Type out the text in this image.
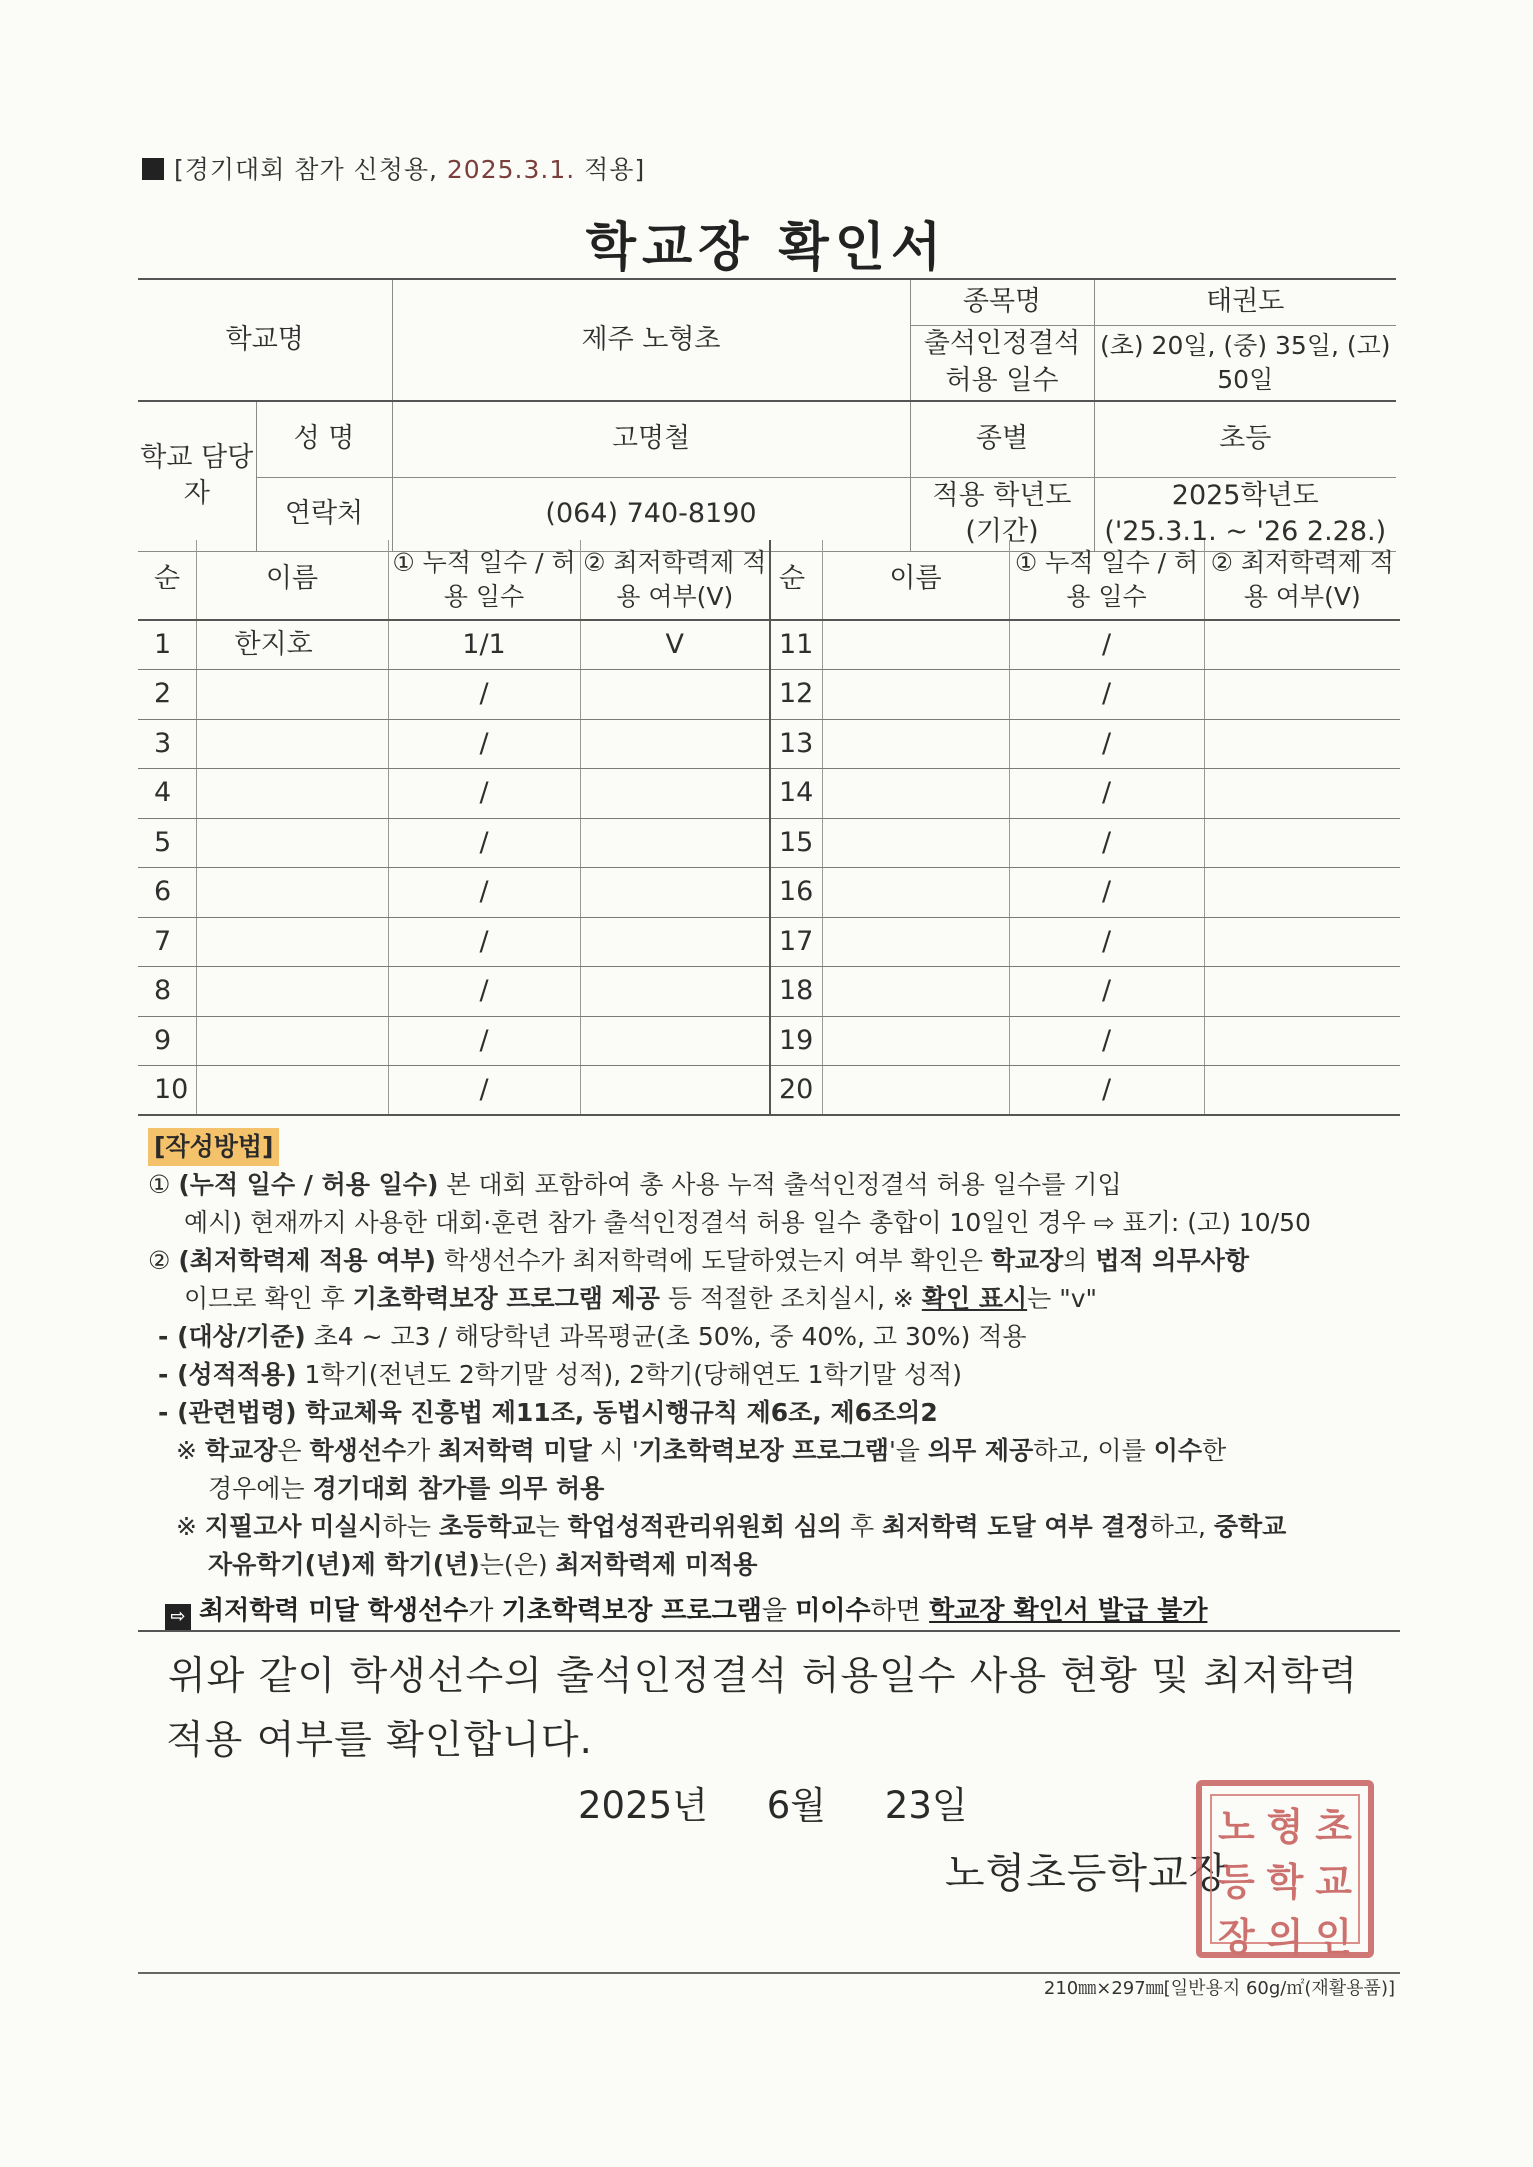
[경기대회 참가 신청용, 2025.3.1. 적용]
학교장 확인서
학교명		제주 노형초	종목명	태권도
			출석인정결석 허용 일수	(초) 20일, (중) 35일, (고) 50일
학교 담당자	성 명	고명철	종별	초등
	연락처	(064) 740-8190	적용 학년도 (기간)	2025학년도
('25.3.1. ~ '26 2.28.)
순	이름	① 누적 일수 / 허용 일수	② 최저학력제 적용 여부(V)	순	이름	① 누적 일수 / 허용 일수	② 최저학력제 적용 여부(V)
1	한지호	1/1	V	11		/	
2		/		12		/	
3		/		13		/	
4		/		14		/	
5		/		15		/	
6		/		16		/	
7		/		17		/	
8		/		18		/	
9		/		19		/	
10		/		20		/	
[작성방법]
① (누적 일수 / 허용 일수) 본 대회 포함하여 총 사용 누적 출석인정결석 허용 일수를 기입
예시) 현재까지 사용한 대회·훈련 참가 출석인정결석 허용 일수 총합이 10일인 경우 ⇨ 표기: (고) 10/50
② (최저학력제 적용 여부) 학생선수가 최저학력에 도달하였는지 여부 확인은 학교장의 법적 의무사항
이므로 확인 후 기초학력보장 프로그램 제공 등 적절한 조치실시, ※ 확인 표시는 "v"
- (대상/기준) 초4 ~ 고3 / 해당학년 과목평균(초 50%, 중 40%, 고 30%) 적용
- (성적적용) 1학기(전년도 2학기말 성적), 2학기(당해연도 1학기말 성적)
- (관련법령) 학교체육 진흥법 제11조, 동법시행규칙 제6조, 제6조의2
※ 학교장은 학생선수가 최저학력 미달 시 '기초학력보장 프로그램'을 의무 제공하고, 이를 이수한
경우에는 경기대회 참가를 의무 허용
※ 지필고사 미실시하는 초등학교는 학업성적관리위원회 심의 후 최저학력 도달 여부 결정하고, 중학교
자유학기(년)제 학기(년)는(은) 최저학력제 미적용
⇨ 최저학력 미달 학생선수가 기초학력보장 프로그램을 미이수하면 학교장 확인서 발급 불가
위와 같이 학생선수의 출석인정결석 허용일수 사용 현황 및 최저학력
적용 여부를 확인합니다.
2025년     6월     23일
노형초등학교장
노 형 초
등 학 교
장 의 인
210㎜×297㎜[일반용지 60g/㎡(재활용품)]
